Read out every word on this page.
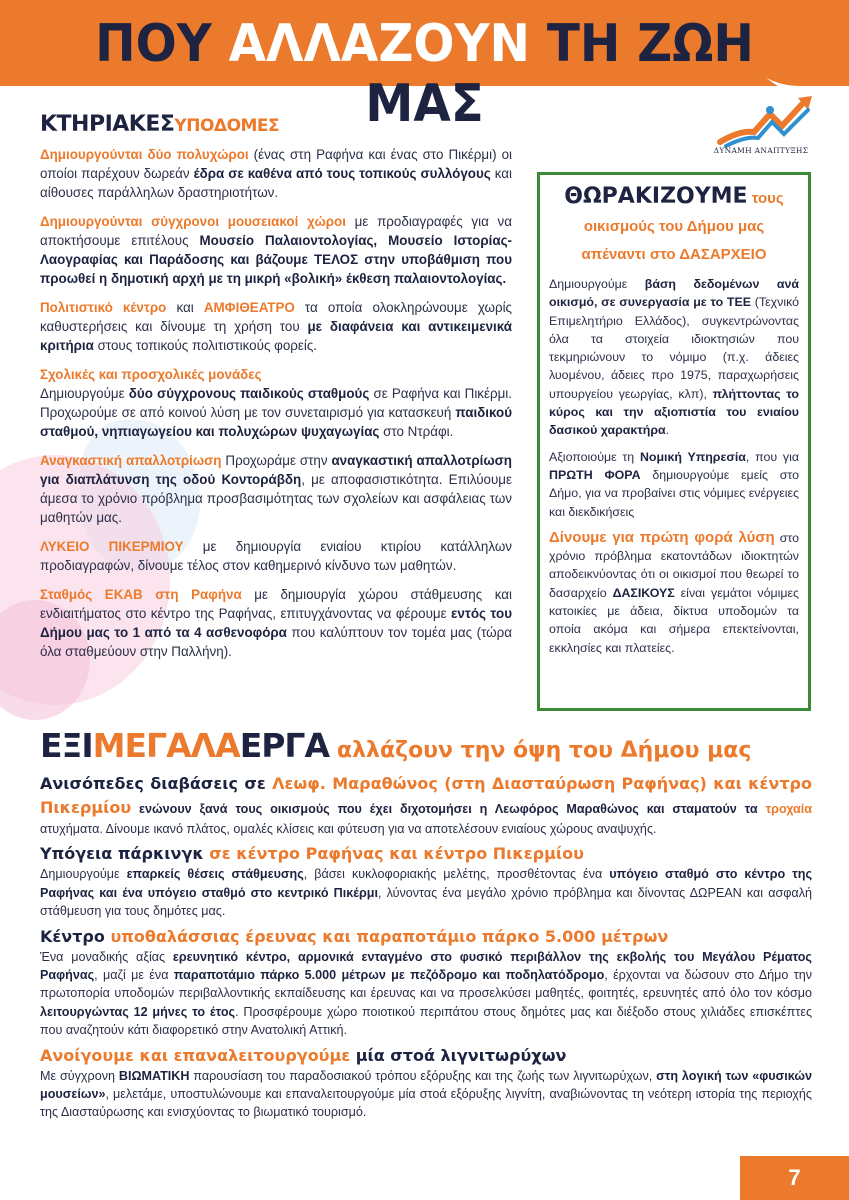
ΠΟΥ ΑΛΛΑΖΟΥΝ ΤΗ ΖΩΗ ΜΑΣ
ΔΥΝΑΜΗ ΑΝΑΠΤΥΞΗΣ
ΚΤΗΡΙΑΚΕΣΥΠΟΔΟΜΕΣ

Δημιουργούνται δύο πολυχώροι (ένας στη Ραφήνα και ένας στο Πικέρμι) οι οποίοι παρέχουν δωρεάν έδρα σε καθένα από τους τοπικούς συλλόγους και αίθουσες παράλληλων δραστηριοτήτων.

Δημιουργούνται σύγχρονοι μουσειακοί χώροι με προδιαγραφές για να αποκτήσουμε επιτέλους Μουσείο Παλαιοντολογίας, Μουσείο Ιστορίας- Λαογραφίας και Παράδοσης και βάζουμε ΤΕΛΟΣ στην υποβάθμιση που προωθεί η δημοτική αρχή με τη μικρή «βολική» έκθεση παλαιοντολογίας.

Πολιτιστικό κέντρο και ΑΜΦΙΘΕΑΤΡΟ τα οποία ολοκληρώνουμε χωρίς καθυστερήσεις και δίνουμε τη χρήση του με διαφάνεια και αντικειμενικά κριτήρια στους τοπικούς πολιτιστικούς φορείς.

Σχολικές και προσχολικές μονάδες
Δημιουργούμε δύο σύγχρονους παιδικούς σταθμούς σε Ραφήνα και Πικέρμι. Προχωρούμε σε από κοινού λύση με τον συνεταιρισμό για κατασκευή παιδικού σταθμού, νηπιαγωγείου και πολυχώρων ψυχαγωγίας στο Ντράφι.

Αναγκαστική απαλλοτρίωση Προχωράμε στην αναγκαστική απαλλοτρίωση για διαπλάτυνση της οδού Κοντοράβδη, με αποφασιστικότητα. Επιλύουμε άμεσα το χρόνιο πρόβλημα προσβασιμότητας των σχολείων και ασφάλειας των μαθητών μας.

ΛΥΚΕΙΟ ΠΙΚΕΡΜΙΟΥ με δημιουργία ενιαίου κτιρίου κατάλληλων προδιαγραφών, δίνουμε τέλος στον καθημερινό κίνδυνο των μαθητών.

Σταθμός ΕΚΑΒ στη Ραφήνα με δημιουργία χώρου στάθμευσης και ενδιαιτήματος στο κέντρο της Ραφήνας, επιτυγχάνοντας να φέρουμε εντός του Δήμου μας το 1 από τα 4 ασθενοφόρα που καλύπτουν τον τομέα μας (τώρα όλα σταθμεύουν στην Παλλήνη).

ΘΩΡΑΚΙΖΟΥΜΕ τους
οικισμούς του Δήμου μας
απέναντι στο ΔΑΣΑΡΧΕΙΟ

Δημιουργούμε βάση δεδομένων ανά οικισμό, σε συνεργασία με το ΤΕΕ (Τεχνικό Επιμελητήριο Ελλάδος), συγκεντρώνοντας όλα τα στοιχεία ιδιοκτησιών που τεκμηριώνουν το νόμιμο (π.χ. άδειες λυομένου, άδειες προ 1975, παραχωρήσεις υπουργείου γεωργίας, κλπ), πλήττοντας το κύρος και την αξιοπιστία του ενιαίου δασικού χαρακτήρα.

Αξιοποιούμε τη Νομική Υπηρεσία, που για ΠΡΩΤΗ ΦΟΡΑ δημιουργούμε εμείς στο Δήμο, για να προβαίνει στις νόμιμες ενέργειες και διεκδικήσεις

Δίνουμε για πρώτη φορά λύση στο χρόνιο πρόβλημα εκατοντάδων ιδιοκτητών αποδεικνύοντας ότι οι οικισμοί που θεωρεί το δασαρχείο ΔΑΣΙΚΟΥΣ είναι γεμάτοι νόμιμες κατοικίες με άδεια, δίκτυα υποδομών τα οποία ακόμα και σήμερα επεκτείνονται, εκκλησίες και πλατείες.

ΕΞΙΜΕΓΑΛΑΕΡΓΑ αλλάζουν την όψη του Δήμου μας

Ανισόπεδες διαβάσεις σε Λεωφ. Μαραθώνος (στη Διασταύρωση Ραφήνας) και κέντρο Πικερμίου ενώνουν ξανά τους οικισμούς που έχει διχοτομήσει η Λεωφόρος Μαραθώνος και σταματούν τα τροχαία ατυχήματα. Δίνουμε ικανό πλάτος, ομαλές κλίσεις και φύτευση για να αποτελέσουν ενιαίους χώρους αναψυχής.

Υπόγεια πάρκινγκ σε κέντρο Ραφήνας και κέντρο Πικερμίου

Δημιουργούμε επαρκείς θέσεις στάθμευσης, βάσει κυκλοφοριακής μελέτης, προσθέτοντας ένα υπόγειο σταθμό στο κέντρο της Ραφήνας και ένα υπόγειο σταθμό στο κεντρικό Πικέρμι, λύνοντας ένα μεγάλο χρόνιο πρόβλημα και δίνοντας ΔΩΡΕΑΝ και ασφαλή στάθμευση για τους δημότες μας.

Κέντρο υποθαλάσσιας έρευνας και παραποτάμιο πάρκο 5.000 μέτρων

Ένα μοναδικής αξίας ερευνητικό κέντρο, αρμονικά ενταγμένο στο φυσικό περιβάλλον της εκβολής του Μεγάλου Ρέματος Ραφήνας, μαζί με ένα παραποτάμιο πάρκο 5.000 μέτρων με πεζόδρομο και ποδηλατόδρομο, έρχονται να δώσουν στο Δήμο την πρωτοπορία υποδομών περιβαλλοντικής εκπαίδευσης και έρευνας και να προσελκύσει μαθητές, φοιτητές, ερευνητές από όλο τον κόσμο λειτουργώντας 12 μήνες το έτος. Προσφέρουμε χώρο ποιοτικού περιπάτου στους δημότες μας και διέξοδο στους χιλιάδες επισκέπτες που αναζητούν κάτι διαφορετικό στην Ανατολική Αττική.

Ανοίγουμε και επαναλειτουργούμε μία στοά λιγνιτωρύχων

Με σύγχρονη ΒΙΩΜΑΤΙΚΗ παρουσίαση του παραδοσιακού τρόπου εξόρυξης και της ζωής των λιγνιτωρύχων, στη λογική των «φυσικών μουσείων», μελετάμε, υποστυλώνουμε και επαναλειτουργούμε μία στοά εξόρυξης λιγνίτη, αναβιώνοντας τη νεότερη ιστορία της περιοχής της Διασταύρωσης και ενισχύοντας το βιωματικό τουρισμό.

7
